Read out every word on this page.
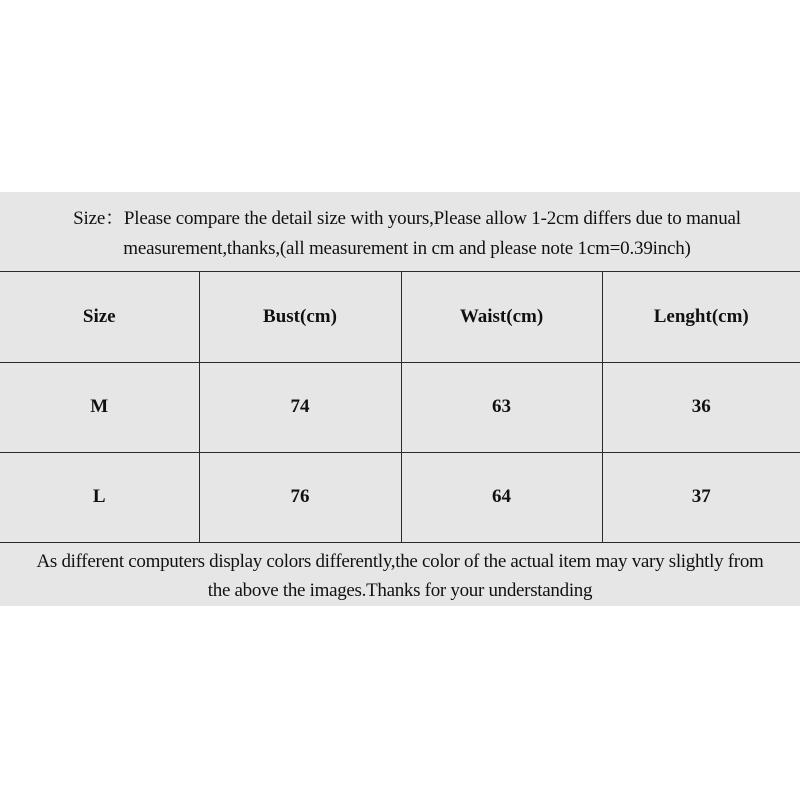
Size：Please compare the detail size with yours,Please allow 1-2cm differs due to manual
measurement,thanks,(all measurement in cm and please note 1cm=0.39inch)
Size	Bust(cm)	Waist(cm)	Lenght(cm)
M	74	63	36
L	76	64	37
As different computers display colors differently,the color of the actual item may vary slightly from
the above the images.Thanks for your understanding
